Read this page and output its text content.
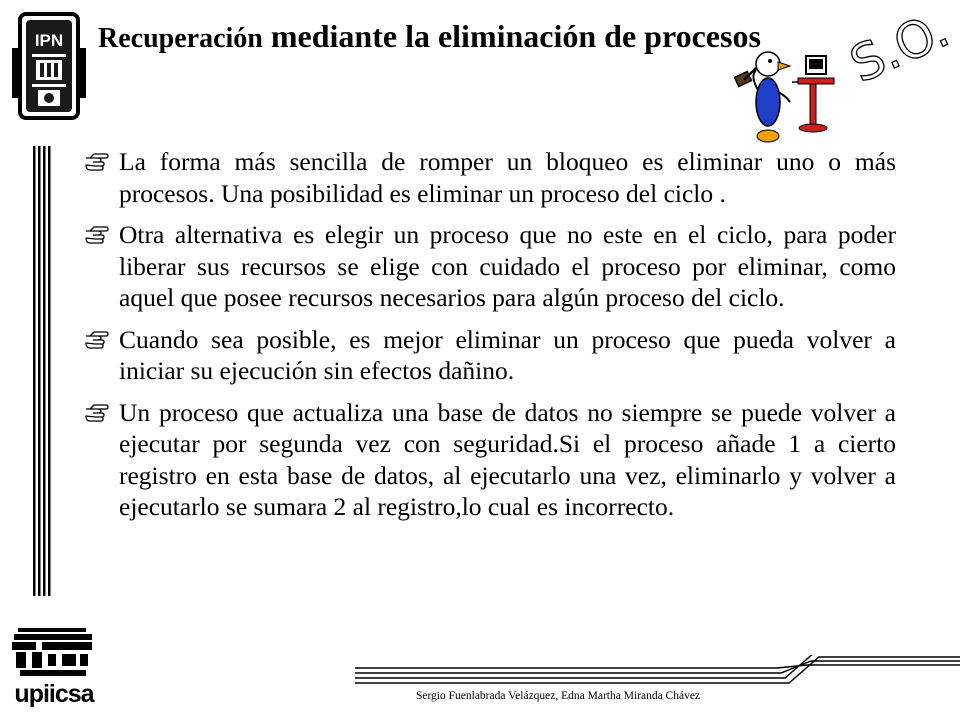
IPN Recuperación mediante la eliminación de procesos	S.O.
La forma más sencilla de romper un bloqueo es eliminar uno o más procesos. Una posibilidad es eliminar un proceso del ciclo .
Otra alternativa es elegir un proceso que no este en el ciclo, para poder liberar sus recursos se elige con cuidado el proceso por eliminar, como aquel que posee recursos necesarios para algún proceso del ciclo.
Cuando sea posible, es mejor eliminar un proceso que pueda volver a iniciar su ejecución sin efectos dañino.
Un proceso que actualiza una base de datos no siempre se puede volver a ejecutar por segunda vez con seguridad.Si el proceso añade 1 a cierto registro en esta base de datos, al ejecutarlo una vez, eliminarlo y volver a ejecutarlo se sumara 2 al registro,lo cual es incorrecto.
upiicsa	Sergio Fuenlabrada Velázquez, Edna Martha Miranda Chávez
